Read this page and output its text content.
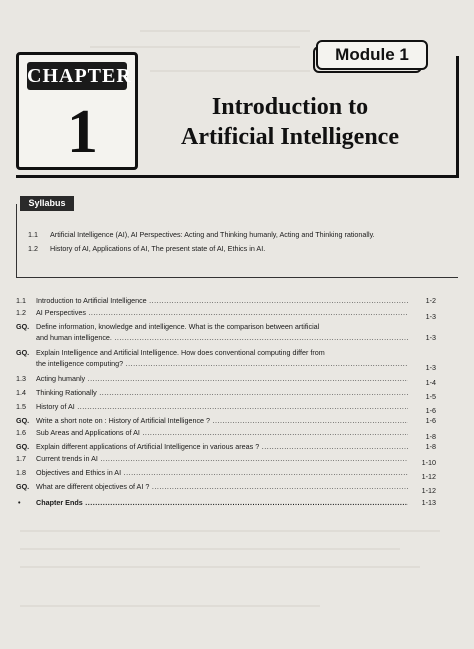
CHAPTER
1
Module 1
Introduction to
Artificial Intelligence
Syllabus
1.1 Artificial Intelligence (AI), AI Perspectives: Acting and Thinking humanly, Acting and Thinking rationally.
1.2 History of AI, Applications of AI, The present state of AI, Ethics in AI.
1.1	Introduction to Artificial Intelligence .....	1-2
1.2	AI Perspectives .....	1-3
GQ. Define information, knowledge and intelligence. What is the comparison between artificial
and human intelligence. .....	1-3
GQ. Explain Intelligence and Artificial Intelligence. How does conventional computing differ from
the intelligence computing? .....	1-3
1.3	Acting humanly .....	1-4
1.4	Thinking Rationally .....	1-5
1.5	History of AI .....	1-6
GQ. Write a short note on : History of Artificial Intelligence ? .....	1-6
1.6	Sub Areas and Applications of AI .....	1-8
GQ. Explain different applications of Artificial Intelligence in various areas ? .....	1-8
1.7	Current trends in AI .....	1-10
1.8	Objectives and Ethics in AI .....	1-12
GQ. What are different objectives of AI ? .....	1-12
•	Chapter Ends .....	1-13
